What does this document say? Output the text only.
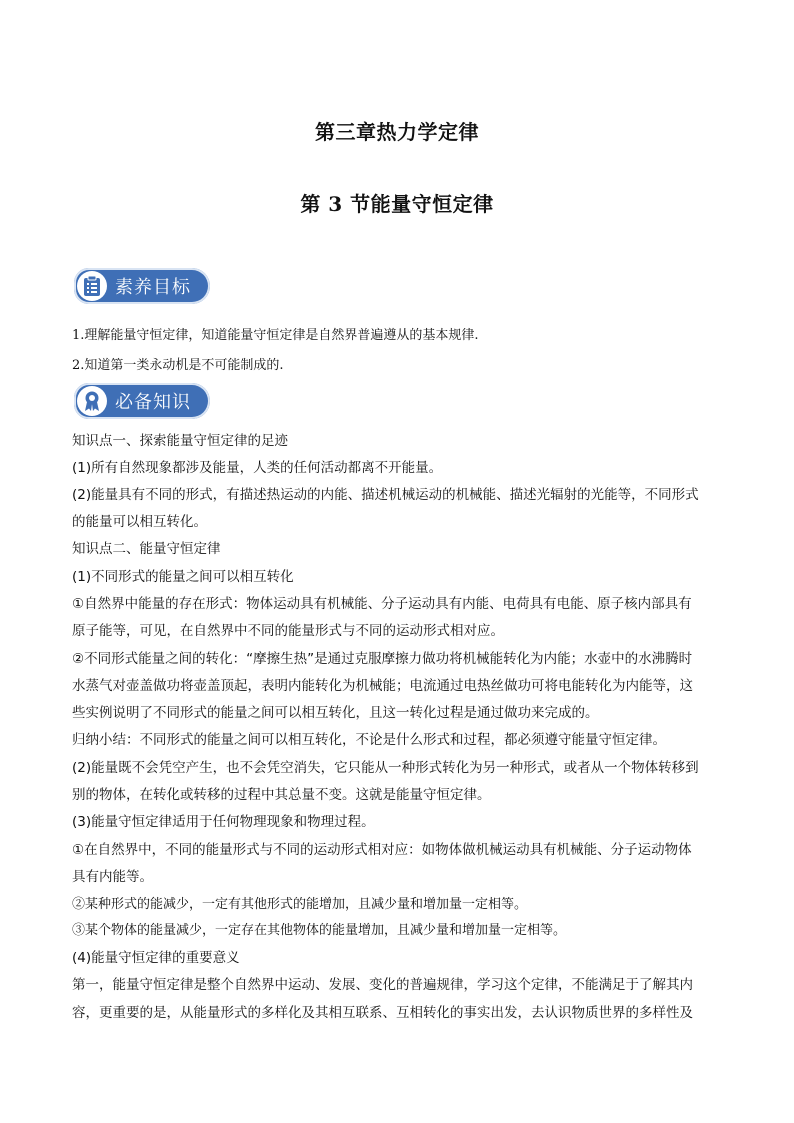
第三章热力学定律
第 3 节能量守恒定律
素养目标
1.理解能量守恒定律，知道能量守恒定律是自然界普遍遵从的基本规律.
2.知道第一类永动机是不可能制成的.
必备知识
知识点一、探索能量守恒定律的足迹
(1)所有自然现象都涉及能量，人类的任何活动都离不开能量。
(2)能量具有不同的形式，有描述热运动的内能、描述机械运动的机械能、描述光辐射的光能等，不同形式
的能量可以相互转化。
知识点二、能量守恒定律
(1)不同形式的能量之间可以相互转化
①自然界中能量的存在形式：物体运动具有机械能、分子运动具有内能、电荷具有电能、原子核内部具有
原子能等，可见，在自然界中不同的能量形式与不同的运动形式相对应。
②不同形式能量之间的转化：“摩擦生热”是通过克服摩擦力做功将机械能转化为内能；水壶中的水沸腾时
水蒸气对壶盖做功将壶盖顶起，表明内能转化为机械能；电流通过电热丝做功可将电能转化为内能等，这
些实例说明了不同形式的能量之间可以相互转化，且这一转化过程是通过做功来完成的。
归纳小结：不同形式的能量之间可以相互转化，不论是什么形式和过程，都必须遵守能量守恒定律。
(2)能量既不会凭空产生，也不会凭空消失，它只能从一种形式转化为另一种形式，或者从一个物体转移到
别的物体，在转化或转移的过程中其总量不变。这就是能量守恒定律。
(3)能量守恒定律适用于任何物理现象和物理过程。
①在自然界中，不同的能量形式与不同的运动形式相对应：如物体做机械运动具有机械能、分子运动物体
具有内能等。
②某种形式的能减少，一定有其他形式的能增加，且减少量和增加量一定相等。
③某个物体的能量减少，一定存在其他物体的能量增加，且减少量和增加量一定相等。
(4)能量守恒定律的重要意义
第一，能量守恒定律是整个自然界中运动、发展、变化的普遍规律，学习这个定律，不能满足于了解其内
容，更重要的是，从能量形式的多样化及其相互联系、互相转化的事实出发，去认识物质世界的多样性及
